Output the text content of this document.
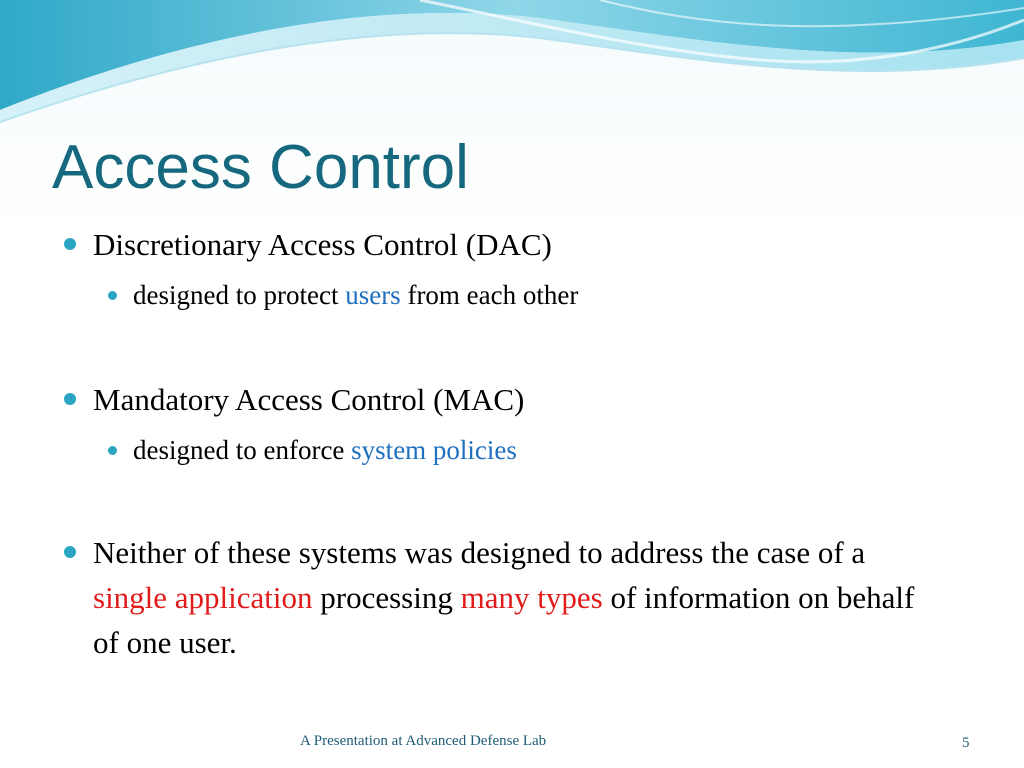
Access Control
Discretionary Access Control (DAC)
designed to protect users from each other
Mandatory Access Control (MAC)
designed to enforce system policies
Neither of these systems was designed to address the case of a single application processing many types of information on behalf of one user.
A Presentation at Advanced Defense Lab	5
